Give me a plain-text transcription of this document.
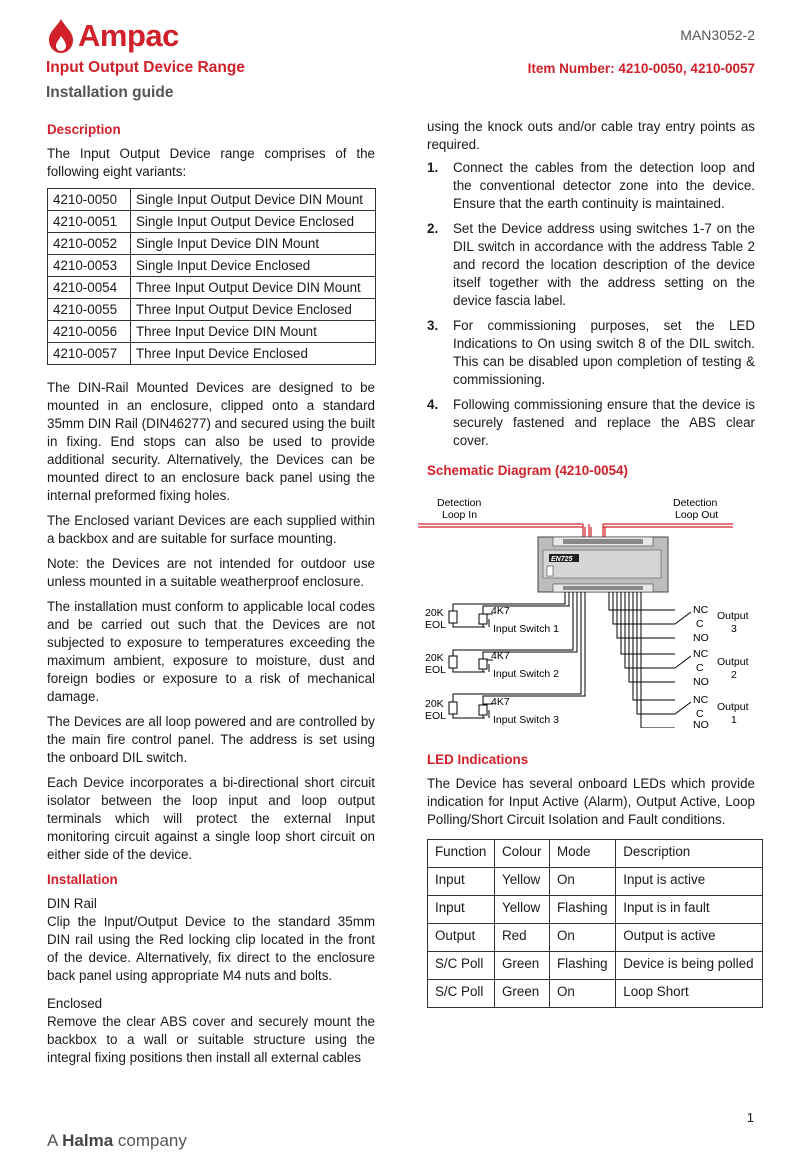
Ampac	MAN3052-2
Input Output Device Range	Item Number: 4210-0050, 4210-0057
Installation guide
Description

The Input Output Device range comprises of the following eight variants:

4210-0050	Single Input Output Device DIN Mount
4210-0051	Single Input Output Device Enclosed
4210-0052	Single Input Device DIN Mount
4210-0053	Single Input Device Enclosed
4210-0054	Three Input Output Device DIN Mount
4210-0055	Three Input Output Device Enclosed
4210-0056	Three Input Device DIN Mount
4210-0057	Three Input Device Enclosed

The DIN-Rail Mounted Devices are designed to be mounted in an enclosure, clipped onto a standard 35mm DIN Rail (DIN46277) and secured using the built in fixing. End stops can also be used to provide additional security. Alternatively, the Devices can be mounted direct to an enclosure back panel using the internal preformed fixing holes.

The Enclosed variant Devices are each supplied within a backbox and are suitable for surface mounting.

Note: the Devices are not intended for outdoor use unless mounted in a suitable weatherproof enclosure.

The installation must conform to applicable local codes and be carried out such that the Devices are not subjected to exposure to temperatures exceeding the maximum ambient, exposure to moisture, dust and foreign bodies or exposure to a risk of mechanical damage.

The Devices are all loop powered and are controlled by the main fire control panel. The address is set using the onboard DIL switch.

Each Device incorporates a bi-directional short circuit isolator between the loop input and loop output terminals which will protect the external Input monitoring circuit against a single loop short circuit on either side of the device.

Installation

DIN Rail

Clip the Input/Output Device to the standard 35mm DIN rail using the Red locking clip located in the front of the device. Alternatively, fix direct to the enclosure back panel using appropriate M4 nuts and bolts.

Enclosed

Remove the clear ABS cover and securely mount the backbox to a wall or suitable structure using the integral fixing positions then install all external cables

using the knock outs and/or cable tray entry points as required.

1. Connect the cables from the detection loop and the conventional detector zone into the device. Ensure that the earth continuity is maintained.
2. Set the Device address using switches 1-7 on the DIL switch in accordance with the address Table 2 and record the location description of the device itself together with the address setting on the device fascia label.
3. For commissioning purposes, set the LED Indications to On using switch 8 of the DIL switch. This can be disabled upon completion of testing & commissioning.
4. Following commissioning ensure that the device is securely fastened and replace the ABS clear cover.
Schematic Diagram (4210-0054)
Detection
Loop In
Detection
Loop Out
EN725
20K
EOL
20K
EOL
20K
EOL
4K7
4K7
4K7
Input Switch 1
Input Switch 2
Input Switch 3
NC
C
NO
NC
C
NO
NC
C
NO
Output
3
Output
2
Output
1
LED Indications

The Device has several onboard LEDs which provide indication for Input Active (Alarm), Output Active, Loop Polling/Short Circuit Isolation and Fault conditions.

Function	Colour	Mode	Description
Input	Yellow	On	Input is active
Input	Yellow	Flashing	Input is in fault
Output	Red	On	Output is active
S/C Poll	Green	Flashing	Device is being polled
S/C Poll	Green	On	Loop Short
1
A Halma company
